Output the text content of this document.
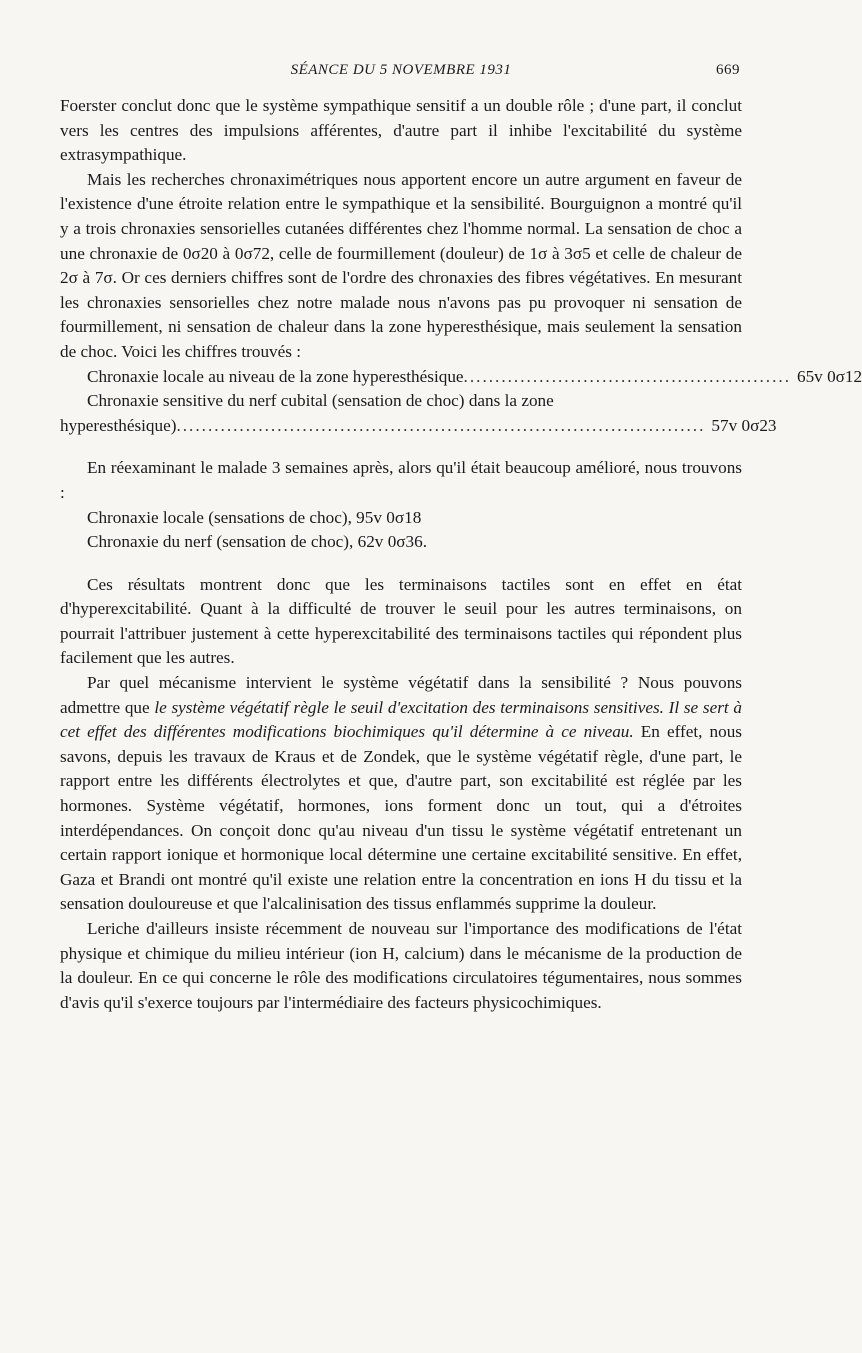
SÉANCE DU 5 NOVEMBRE 1931	669

Foerster conclut donc que le système sympathique sensitif a un double rôle ; d'une part, il conclut vers les centres des impulsions afférentes, d'autre part il inhibe l'excitabilité du système extrasympathique.

Mais les recherches chronaximétriques nous apportent encore un autre argument en faveur de l'existence d'une étroite relation entre le sympathique et la sensibilité. Bourguignon a montré qu'il y a trois chronaxies sensorielles cutanées différentes chez l'homme normal. La sensation de choc a une chronaxie de 0σ20 à 0σ72, celle de fourmillement (douleur) de 1σ à 3σ5 et celle de chaleur de 2σ à 7σ. Or ces derniers chiffres sont de l'ordre des chronaxies des fibres végétatives. En mesurant les chronaxies sensorielles chez notre malade nous n'avons pas pu provoquer ni sensation de fourmillement, ni sensation de chaleur dans la zone hyperesthésique, mais seulement la sensation de choc. Voici les chiffres trouvés :

Chronaxie locale au niveau de la zone hyperesthésique .................................................... 65v 0σ12
Chronaxie sensitive du nerf cubital (sensation de choc) dans la zone
hyperesthésique) .................................................................................... 57v 0σ23

En réexaminant le malade 3 semaines après, alors qu'il était beaucoup amélioré, nous trouvons :

Chronaxie locale (sensations de choc), 95v 0σ18
Chronaxie du nerf (sensation de choc), 62v 0σ36.

Ces résultats montrent donc que les terminaisons tactiles sont en effet en état d'hyperexcitabilité. Quant à la difficulté de trouver le seuil pour les autres terminaisons, on pourrait l'attribuer justement à cette hyperexcitabilité des terminaisons tactiles qui répondent plus facilement que les autres.

Par quel mécanisme intervient le système végétatif dans la sensibilité ? Nous pouvons admettre que le système végétatif règle le seuil d'excitation des terminaisons sensitives. Il se sert à cet effet des différentes modifications biochimiques qu'il détermine à ce niveau. En effet, nous savons, depuis les travaux de Kraus et de Zondek, que le système végétatif règle, d'une part, le rapport entre les différents électrolytes et que, d'autre part, son excitabilité est réglée par les hormones. Système végétatif, hormones, ions forment donc un tout, qui a d'étroites interdépendances. On conçoit donc qu'au niveau d'un tissu le système végétatif entretenant un certain rapport ionique et hormonique local détermine une certaine excitabilité sensitive. En effet, Gaza et Brandi ont montré qu'il existe une relation entre la concentration en ions H du tissu et la sensation douloureuse et que l'alcalinisation des tissus enflammés supprime la douleur.

Leriche d'ailleurs insiste récemment de nouveau sur l'importance des modifications de l'état physique et chimique du milieu intérieur (ion H, calcium) dans le mécanisme de la production de la douleur. En ce qui concerne le rôle des modifications circulatoires tégumentaires, nous sommes d'avis qu'il s'exerce toujours par l'intermédiaire des facteurs physicochimiques.
